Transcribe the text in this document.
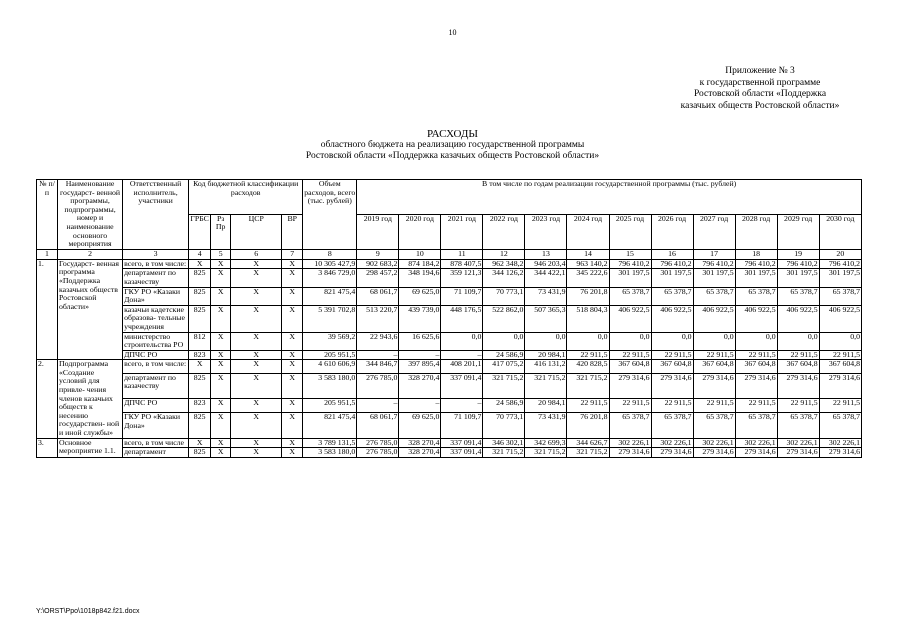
10
Приложение № 3
к государственной программе
Ростовской области «Поддержка
казачьих обществ Ростовской области»
РАСХОДЫ
областного бюджета на реализацию государственной программы
Ростовской области «Поддержка казачьих обществ Ростовской области»
№ п/п	Наименование государст- венной программы, подпрограммы, номер и наименование основного мероприятия	Ответственный исполнитель, участники	Код бюджетной классификации расходов				Объем расходов, всего (тыс. рублей)	В том числе по годам реализации государственной программы (тыс. рублей)											
			ГРБС	Рз Пр	ЦСР	ВР		2019 год	2020 год	2021 год	2022 год	2023 год	2024 год	2025 год	2026 год	2027 год	2028 год	2029 год	2030 год
1	2	3	4	5	6	7	8	9	10	11	12	13	14	15	16	17	18	19	20
1.	Государст- венная программа «Поддержка казачьих обществ Ростовской области»	всего, в том числе:	Х	Х	Х	Х	10 305 427,9	902 683,2	874 184,2	878 407,5	962 348,2	946 203,4	963 140,2	796 410,2	796 410,2	796 410,2	796 410,2	796 410,2	796 410,2
		департамент по казачеству	825	Х	Х	Х	3 846 729,0	298 457,2	348 194,6	359 121,3	344 126,2	344 422,1	345 222,6	301 197,5	301 197,5	301 197,5	301 197,5	301 197,5	301 197,5
		ГКУ РО «Казаки Дона»	825	Х	Х	Х	821 475,4	68 061,7	69 625,0	71 109,7	70 773,1	73 431,9	76 201,8	65 378,7	65 378,7	65 378,7	65 378,7	65 378,7	65 378,7
		казачьи кадетские образова- тельные учреждения	825	Х	Х	Х	5 391 702,8	513 220,7	439 739,0	448 176,5	522 862,0	507 365,3	518 804,3	406 922,5	406 922,5	406 922,5	406 922,5	406 922,5	406 922,5
		министерство строительства РО	812	Х	Х	Х	39 569,2	22 943,6	16 625,6	0,0	0,0	0,0	0,0	0,0	0,0	0,0	0,0	0,0	0,0
		ДПЧС РО	823	Х	Х	Х	205 951,5	–	–	–	24 586,9	20 984,1	22 911,5	22 911,5	22 911,5	22 911,5	22 911,5	22 911,5	22 911,5
2.	Подпрограмма «Создание условий для привле- чения членов казачьих обществ к несению государствен- ной и иной службы»	всего, в том числе:	Х	Х	Х	Х	4 610 606,9	344 846,7	397 895,4	408 201,1	417 075,2	416 131,2	420 828,5	367 604,8	367 604,8	367 604,8	367 604,8	367 604,8	367 604,8
		департамент по казачеству	825	Х	Х	Х	3 583 180,0	276 785,0	328 270,4	337 091,4	321 715,2	321 715,2	321 715,2	279 314,6	279 314,6	279 314,6	279 314,6	279 314,6	279 314,6
		ДПЧС РО	823	Х	Х	Х	205 951,5	–	–	–	24 586,9	20 984,1	22 911,5	22 911,5	22 911,5	22 911,5	22 911,5	22 911,5	22 911,5
		ГКУ РО «Казаки Дона»	825	Х	Х	Х	821 475,4	68 061,7	69 625,0	71 109,7	70 773,1	73 431,9	76 201,8	65 378,7	65 378,7	65 378,7	65 378,7	65 378,7	65 378,7
3.	Основное мероприятие 1.1.	всего, в том числе	Х	Х	Х	Х	3 789 131,5	276 785,0	328 270,4	337 091,4	346 302,1	342 699,3	344 626,7	302 226,1	302 226,1	302 226,1	302 226,1	302 226,1	302 226,1
		департамент	825	Х	Х	Х	3 583 180,0	276 785,0	328 270,4	337 091,4	321 715,2	321 715,2	321 715,2	279 314,6	279 314,6	279 314,6	279 314,6	279 314,6	279 314,6
Y:\ORST\Ppo\1018p842.f21.docx
